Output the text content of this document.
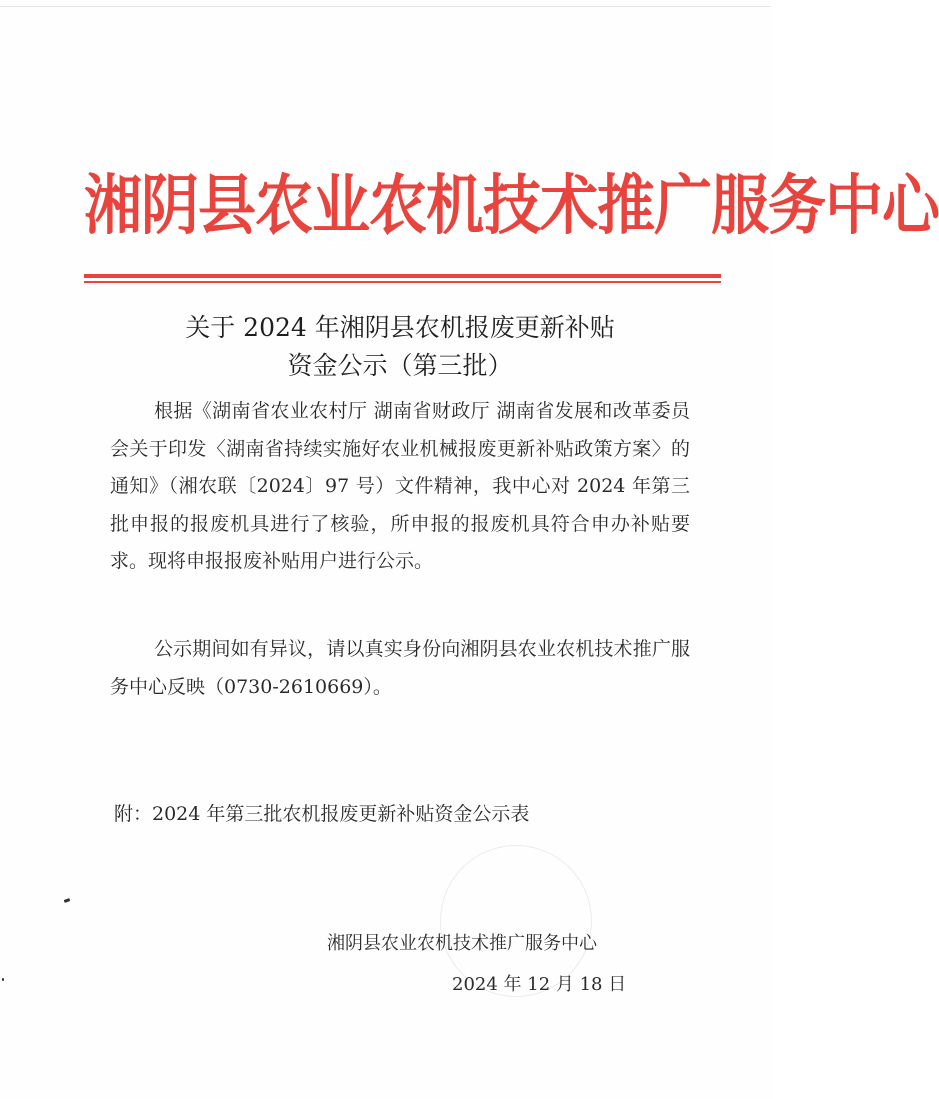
湘阴县农业农机技术推广服务中心
关于 2024 年湘阴县农机报废更新补贴
资金公示（第三批）
根据《湖南省农业农村厅 湖南省财政厅 湖南省发展和改革委员会关于印发〈湖南省持续实施好农业机械报废更新补贴政策方案〉的通知》（湘农联〔2024〕97 号）文件精神，我中心对 2024 年第三批申报的报废机具进行了核验，所申报的报废机具符合申办补贴要求。现将申报报废补贴用户进行公示。
公示期间如有异议，请以真实身份向湘阴县农业农机技术推广服务中心反映（0730-2610669）。
附：2024 年第三批农机报废更新补贴资金公示表
湘阴县农业农机技术推广服务中心
2024 年 12 月 18 日
